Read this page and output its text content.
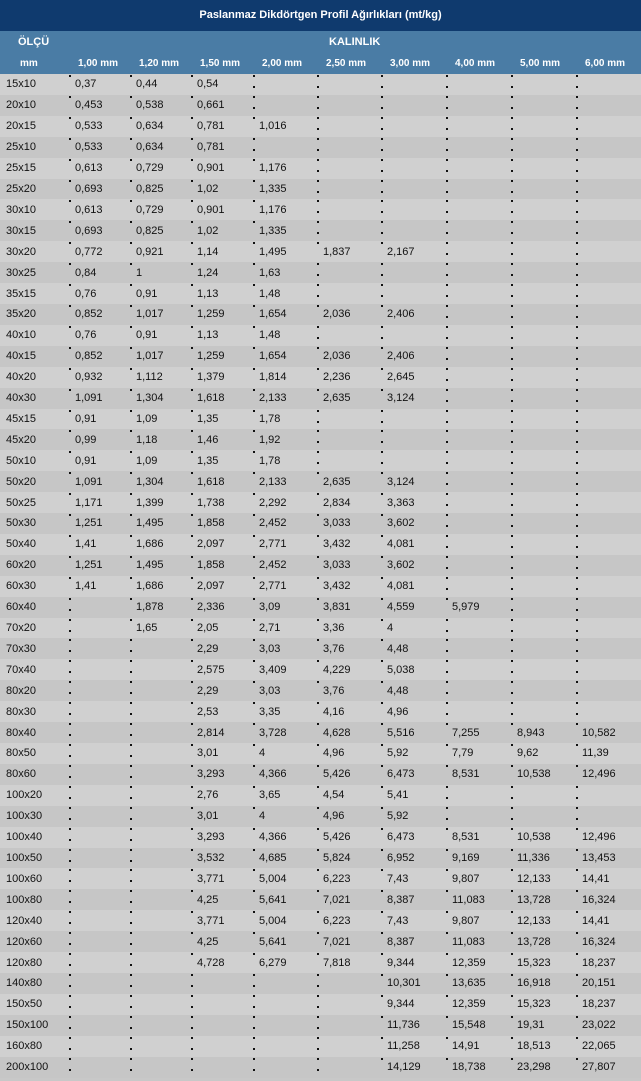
Paslanmaz Dikdörtgen Profil Ağırlıkları (mt/kg)
ÖLÇÜ	KALINLIK
mm	1,00 mm 1,20 mm 1,50 mm 2,00 mm 2,50 mm 3,00 mm 4,00 mm 5,00 mm 6,00 mm
15x10	0,37	0,44	0,54						
20x10	0,453	0,538	0,661						
20x15	0,533	0,634	0,781	1,016					
25x10	0,533	0,634	0,781						
25x15	0,613	0,729	0,901	1,176					
25x20	0,693	0,825	1,02	1,335					
30x10	0,613	0,729	0,901	1,176					
30x15	0,693	0,825	1,02	1,335					
30x20	0,772	0,921	1,14	1,495	1,837	2,167			
30x25	0,84	1	1,24	1,63					
35x15	0,76	0,91	1,13	1,48					
35x20	0,852	1,017	1,259	1,654	2,036	2,406			
40x10	0,76	0,91	1,13	1,48					
40x15	0,852	1,017	1,259	1,654	2,036	2,406			
40x20	0,932	1,112	1,379	1,814	2,236	2,645			
40x30	1,091	1,304	1,618	2,133	2,635	3,124			
45x15	0,91	1,09	1,35	1,78					
45x20	0,99	1,18	1,46	1,92					
50x10	0,91	1,09	1,35	1,78					
50x20	1,091	1,304	1,618	2,133	2,635	3,124			
50x25	1,171	1,399	1,738	2,292	2,834	3,363			
50x30	1,251	1,495	1,858	2,452	3,033	3,602			
50x40	1,41	1,686	2,097	2,771	3,432	4,081			
60x20	1,251	1,495	1,858	2,452	3,033	3,602			
60x30	1,41	1,686	2,097	2,771	3,432	4,081			
60x40		1,878	2,336	3,09	3,831	4,559	5,979		
70x20		1,65	2,05	2,71	3,36	4			
70x30			2,29	3,03	3,76	4,48			
70x40			2,575	3,409	4,229	5,038			
80x20			2,29	3,03	3,76	4,48			
80x30			2,53	3,35	4,16	4,96			
80x40			2,814	3,728	4,628	5,516	7,255	8,943	10,582
80x50			3,01	4	4,96	5,92	7,79	9,62	11,39
80x60			3,293	4,366	5,426	6,473	8,531	10,538	12,496
100x20			2,76	3,65	4,54	5,41			
100x30			3,01	4	4,96	5,92			
100x40			3,293	4,366	5,426	6,473	8,531	10,538	12,496
100x50			3,532	4,685	5,824	6,952	9,169	11,336	13,453
100x60			3,771	5,004	6,223	7,43	9,807	12,133	14,41
100x80			4,25	5,641	7,021	8,387	11,083	13,728	16,324
120x40			3,771	5,004	6,223	7,43	9,807	12,133	14,41
120x60			4,25	5,641	7,021	8,387	11,083	13,728	16,324
120x80			4,728	6,279	7,818	9,344	12,359	15,323	18,237
140x80						10,301	13,635	16,918	20,151
150x50						9,344	12,359	15,323	18,237
150x100						11,736	15,548	19,31	23,022
160x80						11,258	14,91	18,513	22,065
200x100						14,129	18,738	23,298	27,807
